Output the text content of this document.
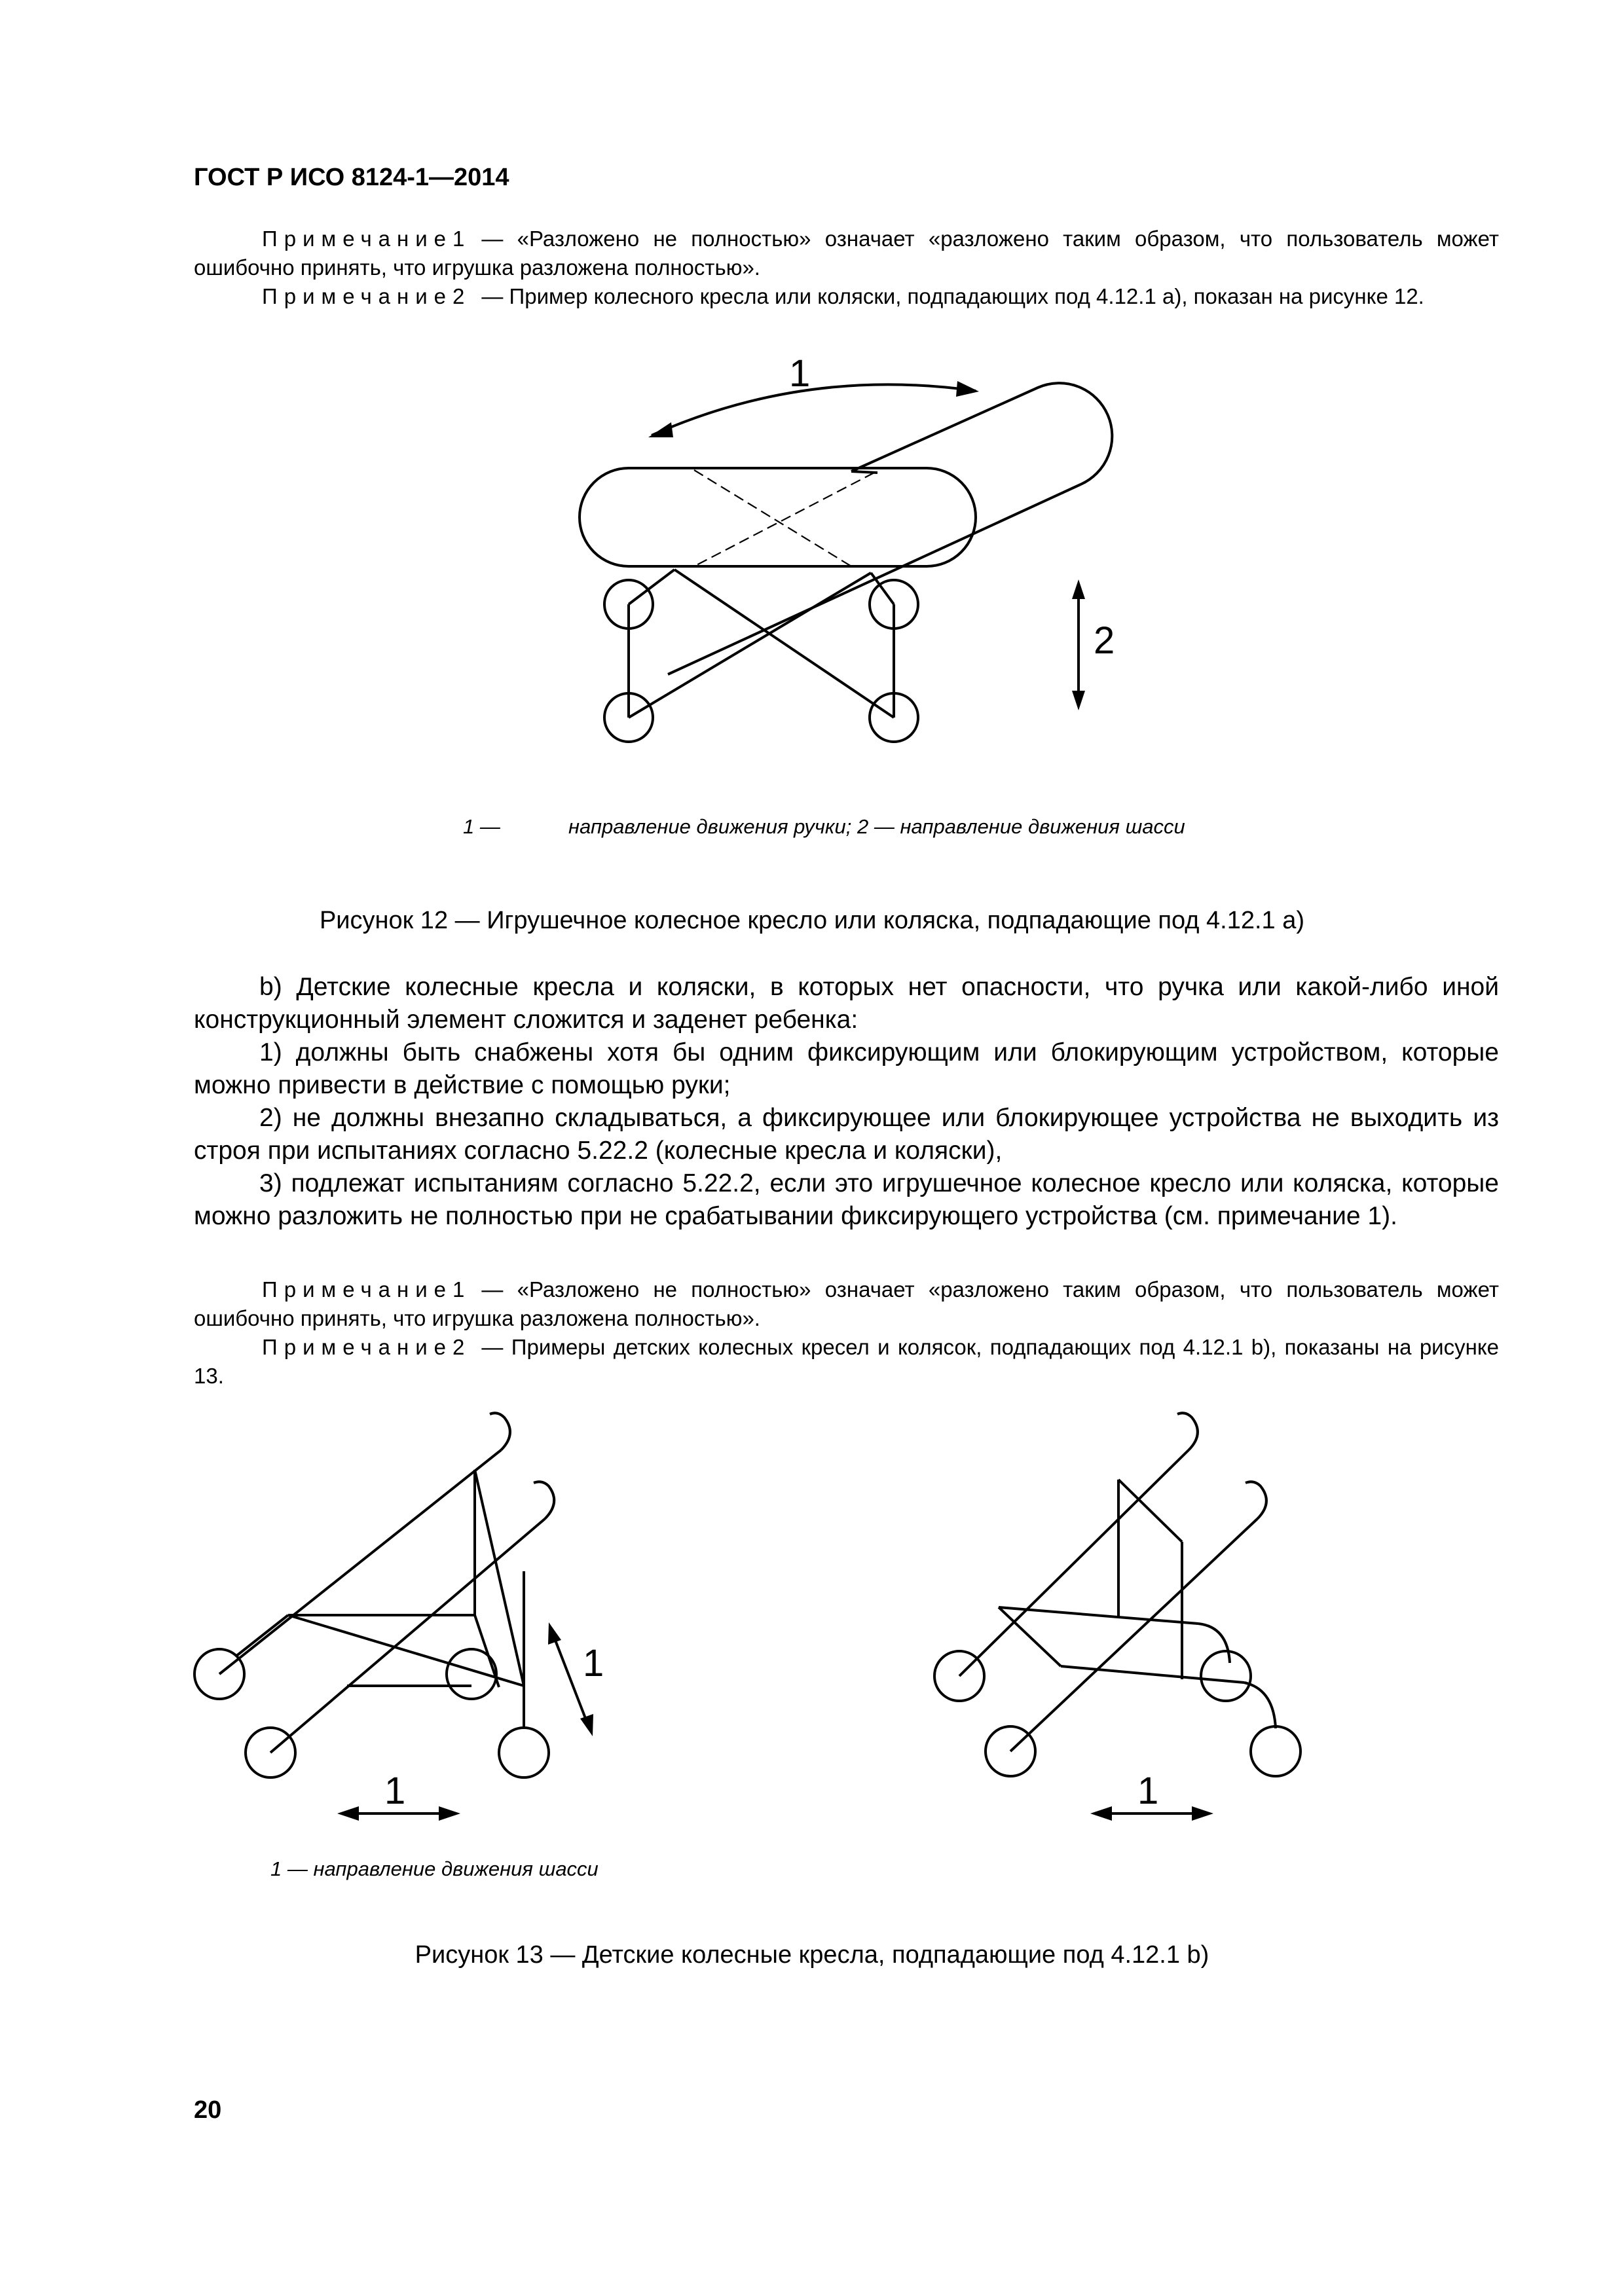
ГОСТ Р ИСО 8124-1—2014
Примечание1 — «Разложено не полностью» означает «разложено таким образом, что пользователь может ошибочно принять, что игрушка разложена полностью».
Примечание2 — Пример колесного кресла или коляски, подпадающих под 4.12.1 а), показан на рисунке 12.
1
2
1 —	направление движения ручки; 2 — направление движения шасси
Рисунок 12 — Игрушечное колесное кресло или коляска, подпадающие под 4.12.1 а)
b) Детские колесные кресла и коляски, в которых нет опасности, что ручка или какой-либо иной конструкционный элемент сложится и заденет ребенка:
1) должны быть снабжены хотя бы одним фиксирующим или блокирующим устройством, которые можно привести в действие с помощью руки;
2) не должны внезапно складываться, а фиксирующее или блокирующее устройства не выходить из строя при испытаниях согласно 5.22.2 (колесные кресла и коляски),
3) подлежат испытаниям согласно 5.22.2, если это игрушечное колесное кресло или коляска, которые можно разложить не полностью при не срабатывании фиксирующего устройства (см. примечание 1).
Примечание1 — «Разложено не полностью» означает «разложено таким образом, что пользователь может ошибочно принять, что игрушка разложена полностью».
Примечание2 — Примеры детских колесных кресел и колясок, подпадающих под 4.12.1 b), показаны на рисунке 13.
1
1	1
1 — направление движения шасси
Рисунок 13 — Детские колесные кресла, подпадающие под 4.12.1 b)
20
